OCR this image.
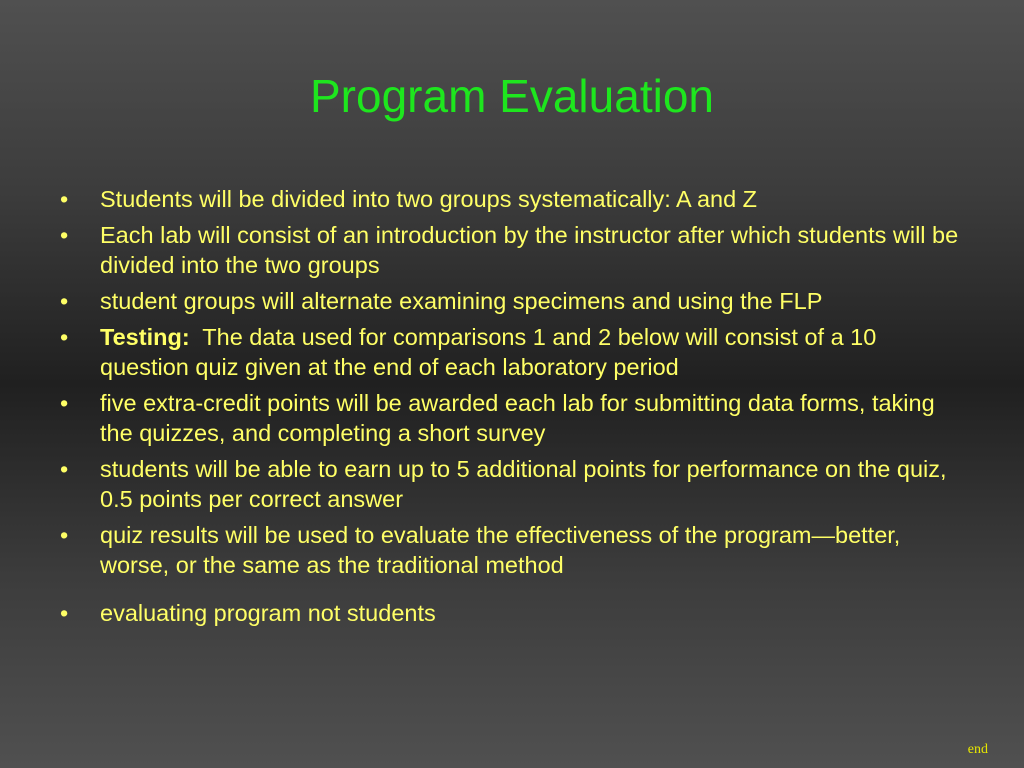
Program Evaluation
• Students will be divided into two groups systematically: A and Z
• Each lab will consist of an introduction by the instructor after which students will be divided into the two groups
• student groups will alternate examining specimens and using the FLP
• Testing: The data used for comparisons 1 and 2 below will consist of a 10 question quiz given at the end of each laboratory period
• five extra-credit points will be awarded each lab for submitting data forms, taking the quizzes, and completing a short survey
• students will be able to earn up to 5 additional points for performance on the quiz, 0.5 points per correct answer
• quiz results will be used to evaluate the effectiveness of the program—better, worse, or the same as the traditional method
• evaluating program not students
end
